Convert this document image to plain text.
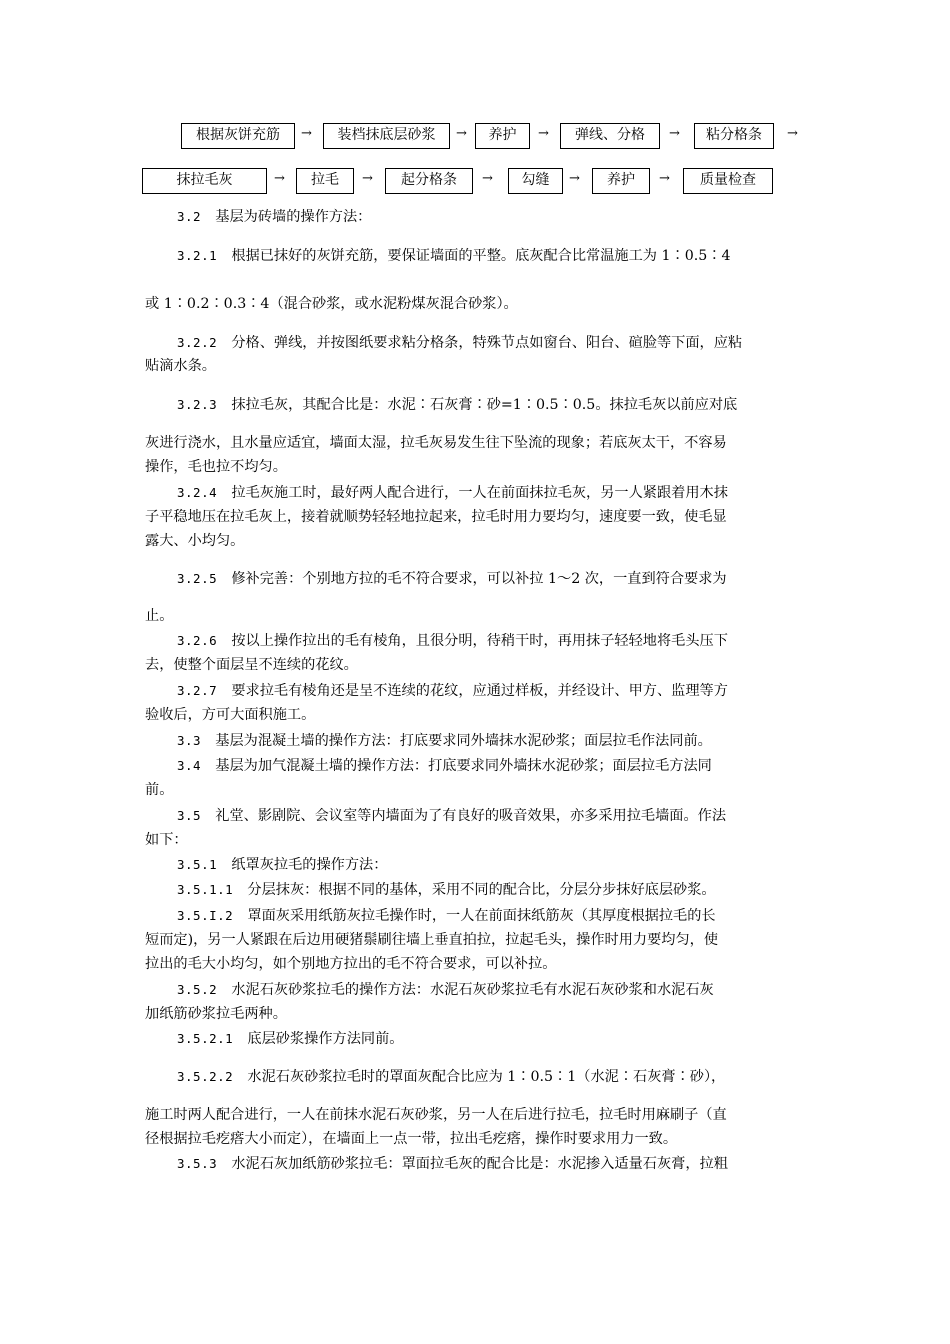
根据灰饼充筋	→	装档抹底层砂浆	→	养护	→	弹线、分格	→	粘分格条	→
抹拉毛灰	→	拉毛	→	起分格条	→	勾缝	→	养护	→	质量检查
3.2　 基层为砖墙的操作方法：
3.2.1　 根据已抹好的灰饼充筋，要保证墙面的平整。底灰配合比常温施工为 1∶0.5∶4
或 1∶0.2∶0.3∶4（混合砂浆，或水泥粉煤灰混合砂浆）。
3.2.2　 分格、弹线，并按图纸要求粘分格条，特殊节点如窗台、阳台、碹脸等下面，应粘
贴滴水条。
3.2.3　 抹拉毛灰，其配合比是：水泥∶石灰膏∶砂=1∶0.5∶0.5。抹拉毛灰以前应对底
灰进行浇水，且水量应适宜，墙面太湿，拉毛灰易发生往下坠流的现象；若底灰太干，不容易
操作，毛也拉不均匀。
3.2.4　 拉毛灰施工时，最好两人配合进行，一人在前面抹拉毛灰，另一人紧跟着用木抹
子平稳地压在拉毛灰上，接着就顺势轻轻地拉起来，拉毛时用力要均匀，速度要一致，使毛显
露大、小均匀。
3.2.5　 修补完善：个别地方拉的毛不符合要求，可以补拉 1～2 次，一直到符合要求为
止。
3.2.6　 按以上操作拉出的毛有棱角，且很分明，待稍干时，再用抹子轻轻地将毛头压下
去，使整个面层呈不连续的花纹。
3.2.7　 要求拉毛有棱角还是呈不连续的花纹，应通过样板，并经设计、甲方、监理等方
验收后，方可大面积施工。
3.3　 基层为混凝土墙的操作方法：打底要求同外墙抹水泥砂浆；面层拉毛作法同前。
3.4　 基层为加气混凝土墙的操作方法：打底要求同外墙抹水泥砂浆；面层拉毛方法同
前。
3.5　 礼堂、影剧院、会议室等内墙面为了有良好的吸音效果，亦多采用拉毛墙面。作法
如下：
3.5.1　 纸罩灰拉毛的操作方法：
3.5.1.1　 分层抹灰：根据不同的基体，采用不同的配合比，分层分步抹好底层砂浆。
3.5.I.2　 罩面灰采用纸筋灰拉毛操作时，一人在前面抹纸筋灰（其厚度根据拉毛的长
短而定)，另一人紧跟在后边用硬猪鬃刷往墙上垂直拍拉，拉起毛头，操作时用力要均匀，使
拉出的毛大小均匀，如个别地方拉出的毛不符合要求，可以补拉。
3.5.2　 水泥石灰砂浆拉毛的操作方法：水泥石灰砂浆拉毛有水泥石灰砂浆和水泥石灰
加纸筋砂浆拉毛两种。
3.5.2.1　 底层砂浆操作方法同前。
3.5.2.2　 水泥石灰砂浆拉毛时的罩面灰配合比应为 1∶0.5∶1（水泥∶石灰膏∶砂），
施工时两人配合进行，一人在前抹水泥石灰砂浆，另一人在后进行拉毛，拉毛时用麻刷子（直
径根据拉毛疙瘩大小而定），在墙面上一点一带，拉出毛疙瘩，操作时要求用力一致。
3.5.3　 水泥石灰加纸筋砂浆拉毛：罩面拉毛灰的配合比是：水泥掺入适量石灰膏，拉粗
